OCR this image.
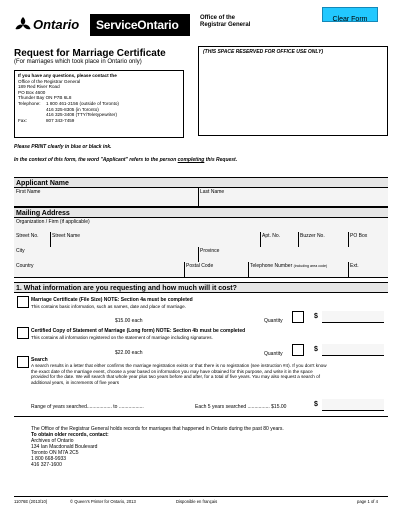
Ontario ServiceOntario	Office of the
Registrar General
Clear Form
Request for Marriage Certificate
(For marriages which took place in Ontario only)
(THIS SPACE RESERVED FOR OFFICE USE ONLY)
If you have any questions, please contact the
Office of the Registrar General
189 Red River Road
PO Box 4600
Thunder Bay ON P7B 6L8
Telephone: 1 800 461-2156 (outside of Toronto)
416 325-8305 (in Toronto)
416 325-3408 (TTY/Teletypewriter)
Fax:	807 343-7459
Please PRINT clearly in blue or black ink.
In the context of this form, the word "Applicant" refers to the person completing this Request.
Applicant Name
First Name	Last Name
Mailing Address
Organization / Firm (if applicable)
Street No.	Street Name	Apt. No.	Buzzer No.	PO Box
City	Province
Country	Postal Code	Telephone Number (including area code)	Ext.
1. What information are you requesting and how much will it cost?
Marriage Certificate (File Size) NOTE: Section 4a must be completed
This contains basic information, such as names, date and place of marriage.
$15.00 each	Quantity
$
Certified Copy of Statement of Marriage (Long form) NOTE: Section 4b must be completed
This contains all information registered on the statement of marriage including signatures.
$22.00 each	Quantity
$
Search
A search results in a letter that either confirms the marriage registration exists or that there is no registration (see instruction #4). If you don't know the exact date of the marriage event, choose a year based on information you may have obtained for this purpose, and write it in the space provided for the date. We will search that whole year plus two years before and after, for a total of five years. You may also request a search of additional years, in increments of five years
Range of years searched.................. to ..................	Each 5 years searched ................ $15.00	$
The Office of the Registrar General holds records for marriages that happened in Ontario during the past 80 years.
To obtain older records, contact:
Archives of Ontario
134 Ian Macdonald Boulevard
Toronto ON M7A 2C5
1 800 668-9933
416 327-1600
11076E (2013/10)	© Queen's Printer for Ontario, 2013	Disponible en français	page 1 of 4
